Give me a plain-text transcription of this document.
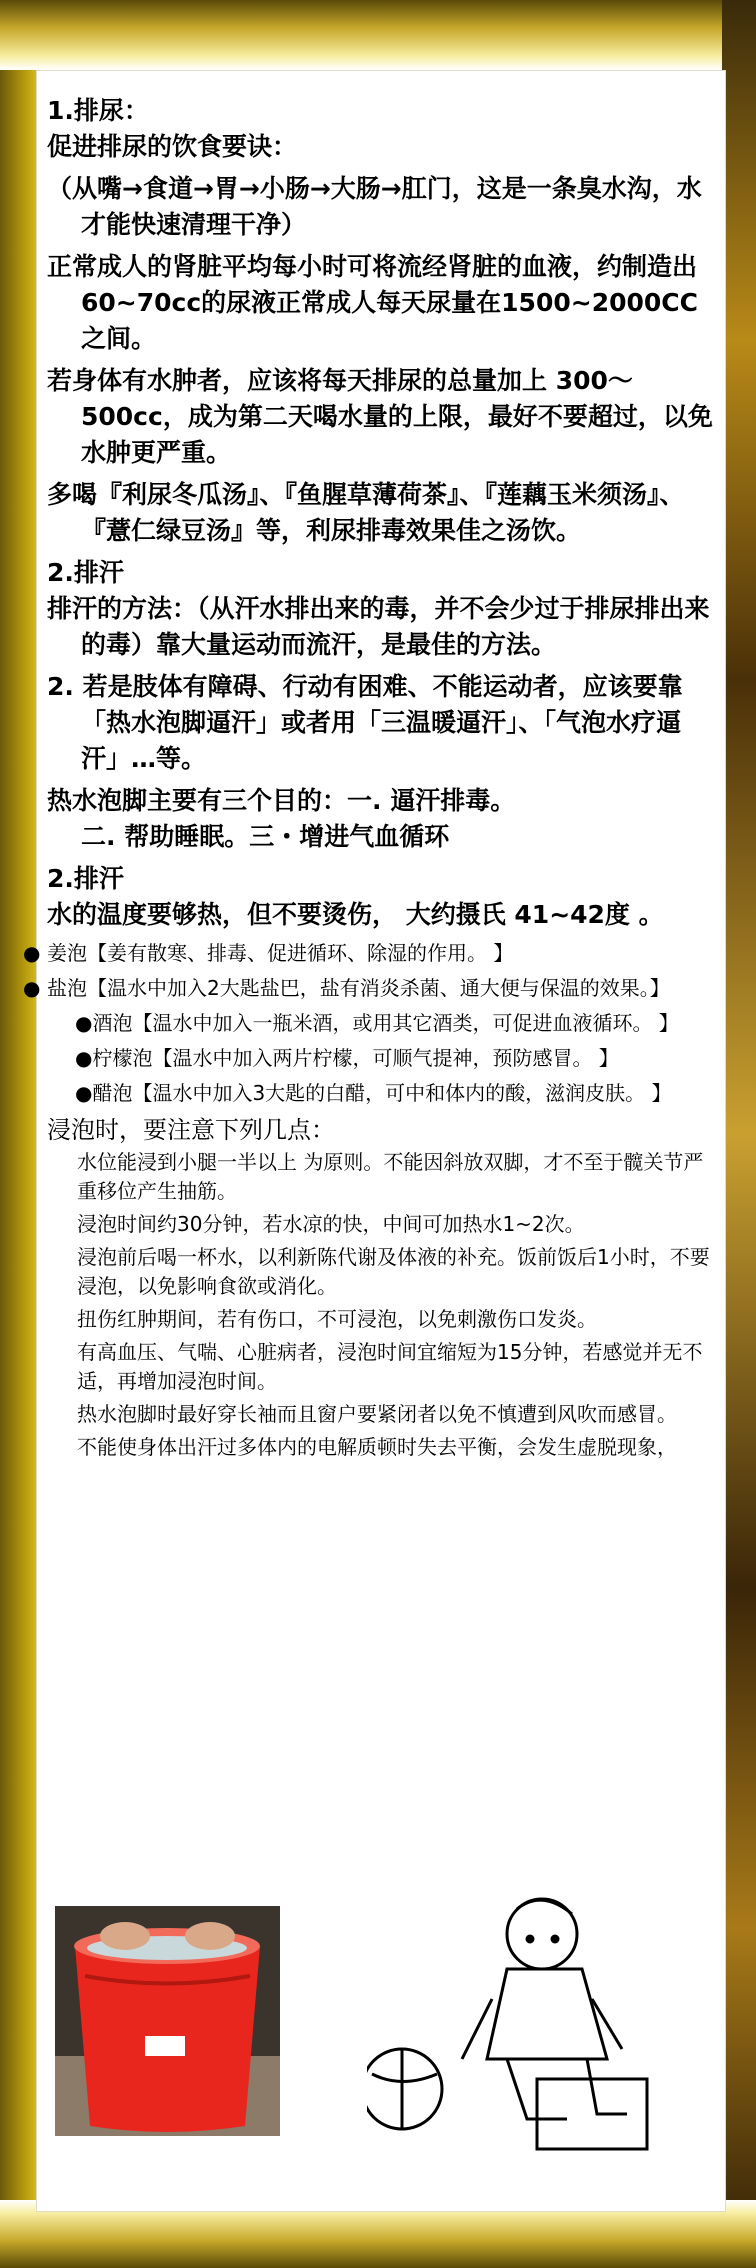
1.排尿：
促进排尿的饮食要诀：
（从嘴→食道→胃→小肠→大肠→肛门，这是一条臭水沟，水才能快速清理干净）
正常成人的肾脏平均每小时可将流经肾脏的血液，约制造出60~70cc的尿液正常成人每天尿量在1500~2000CC之间。
若身体有水肿者，应该将每天排尿的总量加上 300～500cc，成为第二天喝水量的上限，最好不要超过，以免水肿更严重。
多喝『利尿冬瓜汤』、『鱼腥草薄荷茶』、『莲藕玉米须汤』、『薏仁绿豆汤』等，利尿排毒效果佳之汤饮。
2.排汗
排汗的方法：（从汗水排出来的毒，并不会少过于排尿排出来的毒）靠大量运动而流汗，是最佳的方法。
2. 若是肢体有障碍、行动有困难、不能运动者，应该要靠「热水泡脚逼汗」或者用「三温暖逼汗」、「气泡水疗逼汗」…等。
热水泡脚主要有三个目的：一. 逼汗排毒。
二. 帮助睡眠。三・增进气血循环
2.排汗
水的温度要够热，但不要烫伤， 大约摄氏 41~42度 。
● 姜泡【姜有散寒、排毒、促进循环、除湿的作用。 】
● 盐泡【温水中加入2大匙盐巴，盐有消炎杀菌、通大便与保温的效果。】
●酒泡【温水中加入一瓶米酒，或用其它酒类，可促进血液循环。 】
●柠檬泡【温水中加入两片柠檬，可顺气提神，预防感冒。 】
●醋泡【温水中加入3大匙的白醋，可中和体内的酸，滋润皮肤。 】
浸泡时，要注意下列几点：
水位能浸到小腿一半以上 为原则。不能因斜放双脚，才不至于髋关节严重移位产生抽筋。
浸泡时间约30分钟，若水凉的快，中间可加热水1~2次。
浸泡前后喝一杯水，以利新陈代谢及体液的补充。饭前饭后1小时，不要浸泡，以免影响食欲或消化。
扭伤红肿期间，若有伤口，不可浸泡，以免刺激伤口发炎。
有高血压、气喘、心脏病者，浸泡时间宜缩短为15分钟，若感觉并无不适，再增加浸泡时间。
热水泡脚时最好穿长袖而且窗户要紧闭者以免不慎遭到风吹而感冒。
不能使身体出汗过多体内的电解质顿时失去平衡，会发生虚脱现象，
